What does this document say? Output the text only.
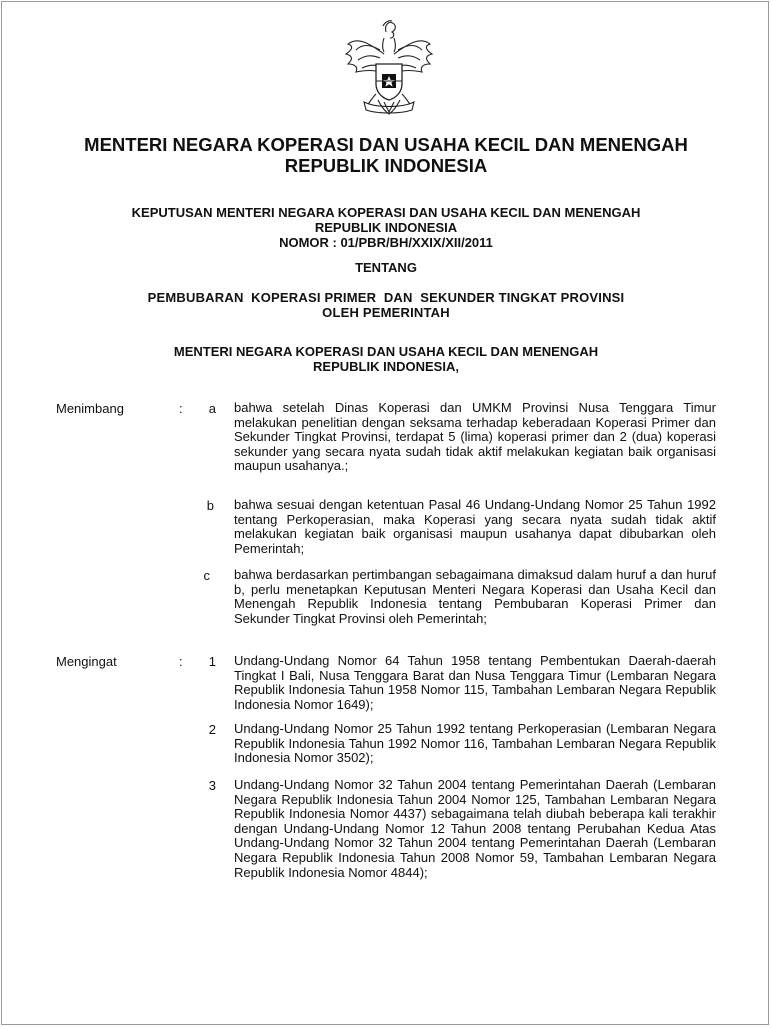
MENTERI NEGARA KOPERASI DAN USAHA KECIL DAN MENENGAH
REPUBLIK INDONESIA
KEPUTUSAN MENTERI NEGARA KOPERASI DAN USAHA KECIL DAN MENENGAH
REPUBLIK INDONESIA
NOMOR : 01/PBR/BH/XXIX/XII/2011
TENTANG
PEMBUBARAN  KOPERASI PRIMER  DAN  SEKUNDER TINGKAT PROVINSI
OLEH PEMERINTAH
MENTERI NEGARA KOPERASI DAN USAHA KECIL DAN MENENGAH
REPUBLIK INDONESIA,
Menimbang	:	a bahwa setelah Dinas Koperasi dan UMKM Provinsi Nusa Tenggara Timur melakukan penelitian dengan seksama terhadap keberadaan Koperasi Primer dan Sekunder Tingkat Provinsi, terdapat 5 (lima) koperasi primer dan 2 (dua) koperasi sekunder yang secara nyata sudah tidak aktif melakukan kegiatan baik organisasi maupun usahanya.;
b bahwa sesuai dengan ketentuan Pasal 46 Undang-Undang Nomor 25 Tahun 1992 tentang Perkoperasian, maka Koperasi yang secara nyata sudah tidak aktif melakukan kegiatan baik organisasi maupun usahanya dapat dibubarkan oleh Pemerintah;
c bahwa berdasarkan pertimbangan sebagaimana dimaksud dalam huruf a dan huruf b, perlu menetapkan Keputusan Menteri Negara Koperasi dan Usaha Kecil dan Menengah Republik Indonesia tentang Pembubaran Koperasi Primer dan Sekunder Tingkat Provinsi oleh Pemerintah;
Mengingat	:	1 Undang-Undang Nomor 64 Tahun 1958 tentang Pembentukan Daerah-daerah Tingkat I Bali, Nusa Tenggara Barat dan Nusa Tenggara Timur (Lembaran Negara Republik Indonesia Tahun 1958 Nomor 115, Tambahan Lembaran Negara Republik Indonesia Nomor 1649);
2 Undang-Undang Nomor 25 Tahun 1992 tentang Perkoperasian (Lembaran Negara Republik Indonesia Tahun 1992 Nomor 116, Tambahan Lembaran Negara Republik Indonesia Nomor 3502);
3 Undang-Undang Nomor 32 Tahun 2004 tentang Pemerintahan Daerah (Lembaran Negara Republik Indonesia Tahun 2004 Nomor 125, Tambahan Lembaran Negara Republik Indonesia Nomor 4437) sebagaimana telah diubah beberapa kali terakhir dengan Undang-Undang Nomor 12 Tahun 2008 tentang Perubahan Kedua Atas Undang-Undang Nomor 32 Tahun 2004 tentang Pemerintahan Daerah (Lembaran Negara Republik Indonesia Tahun 2008 Nomor 59, Tambahan Lembaran Negara Republik Indonesia Nomor 4844);
